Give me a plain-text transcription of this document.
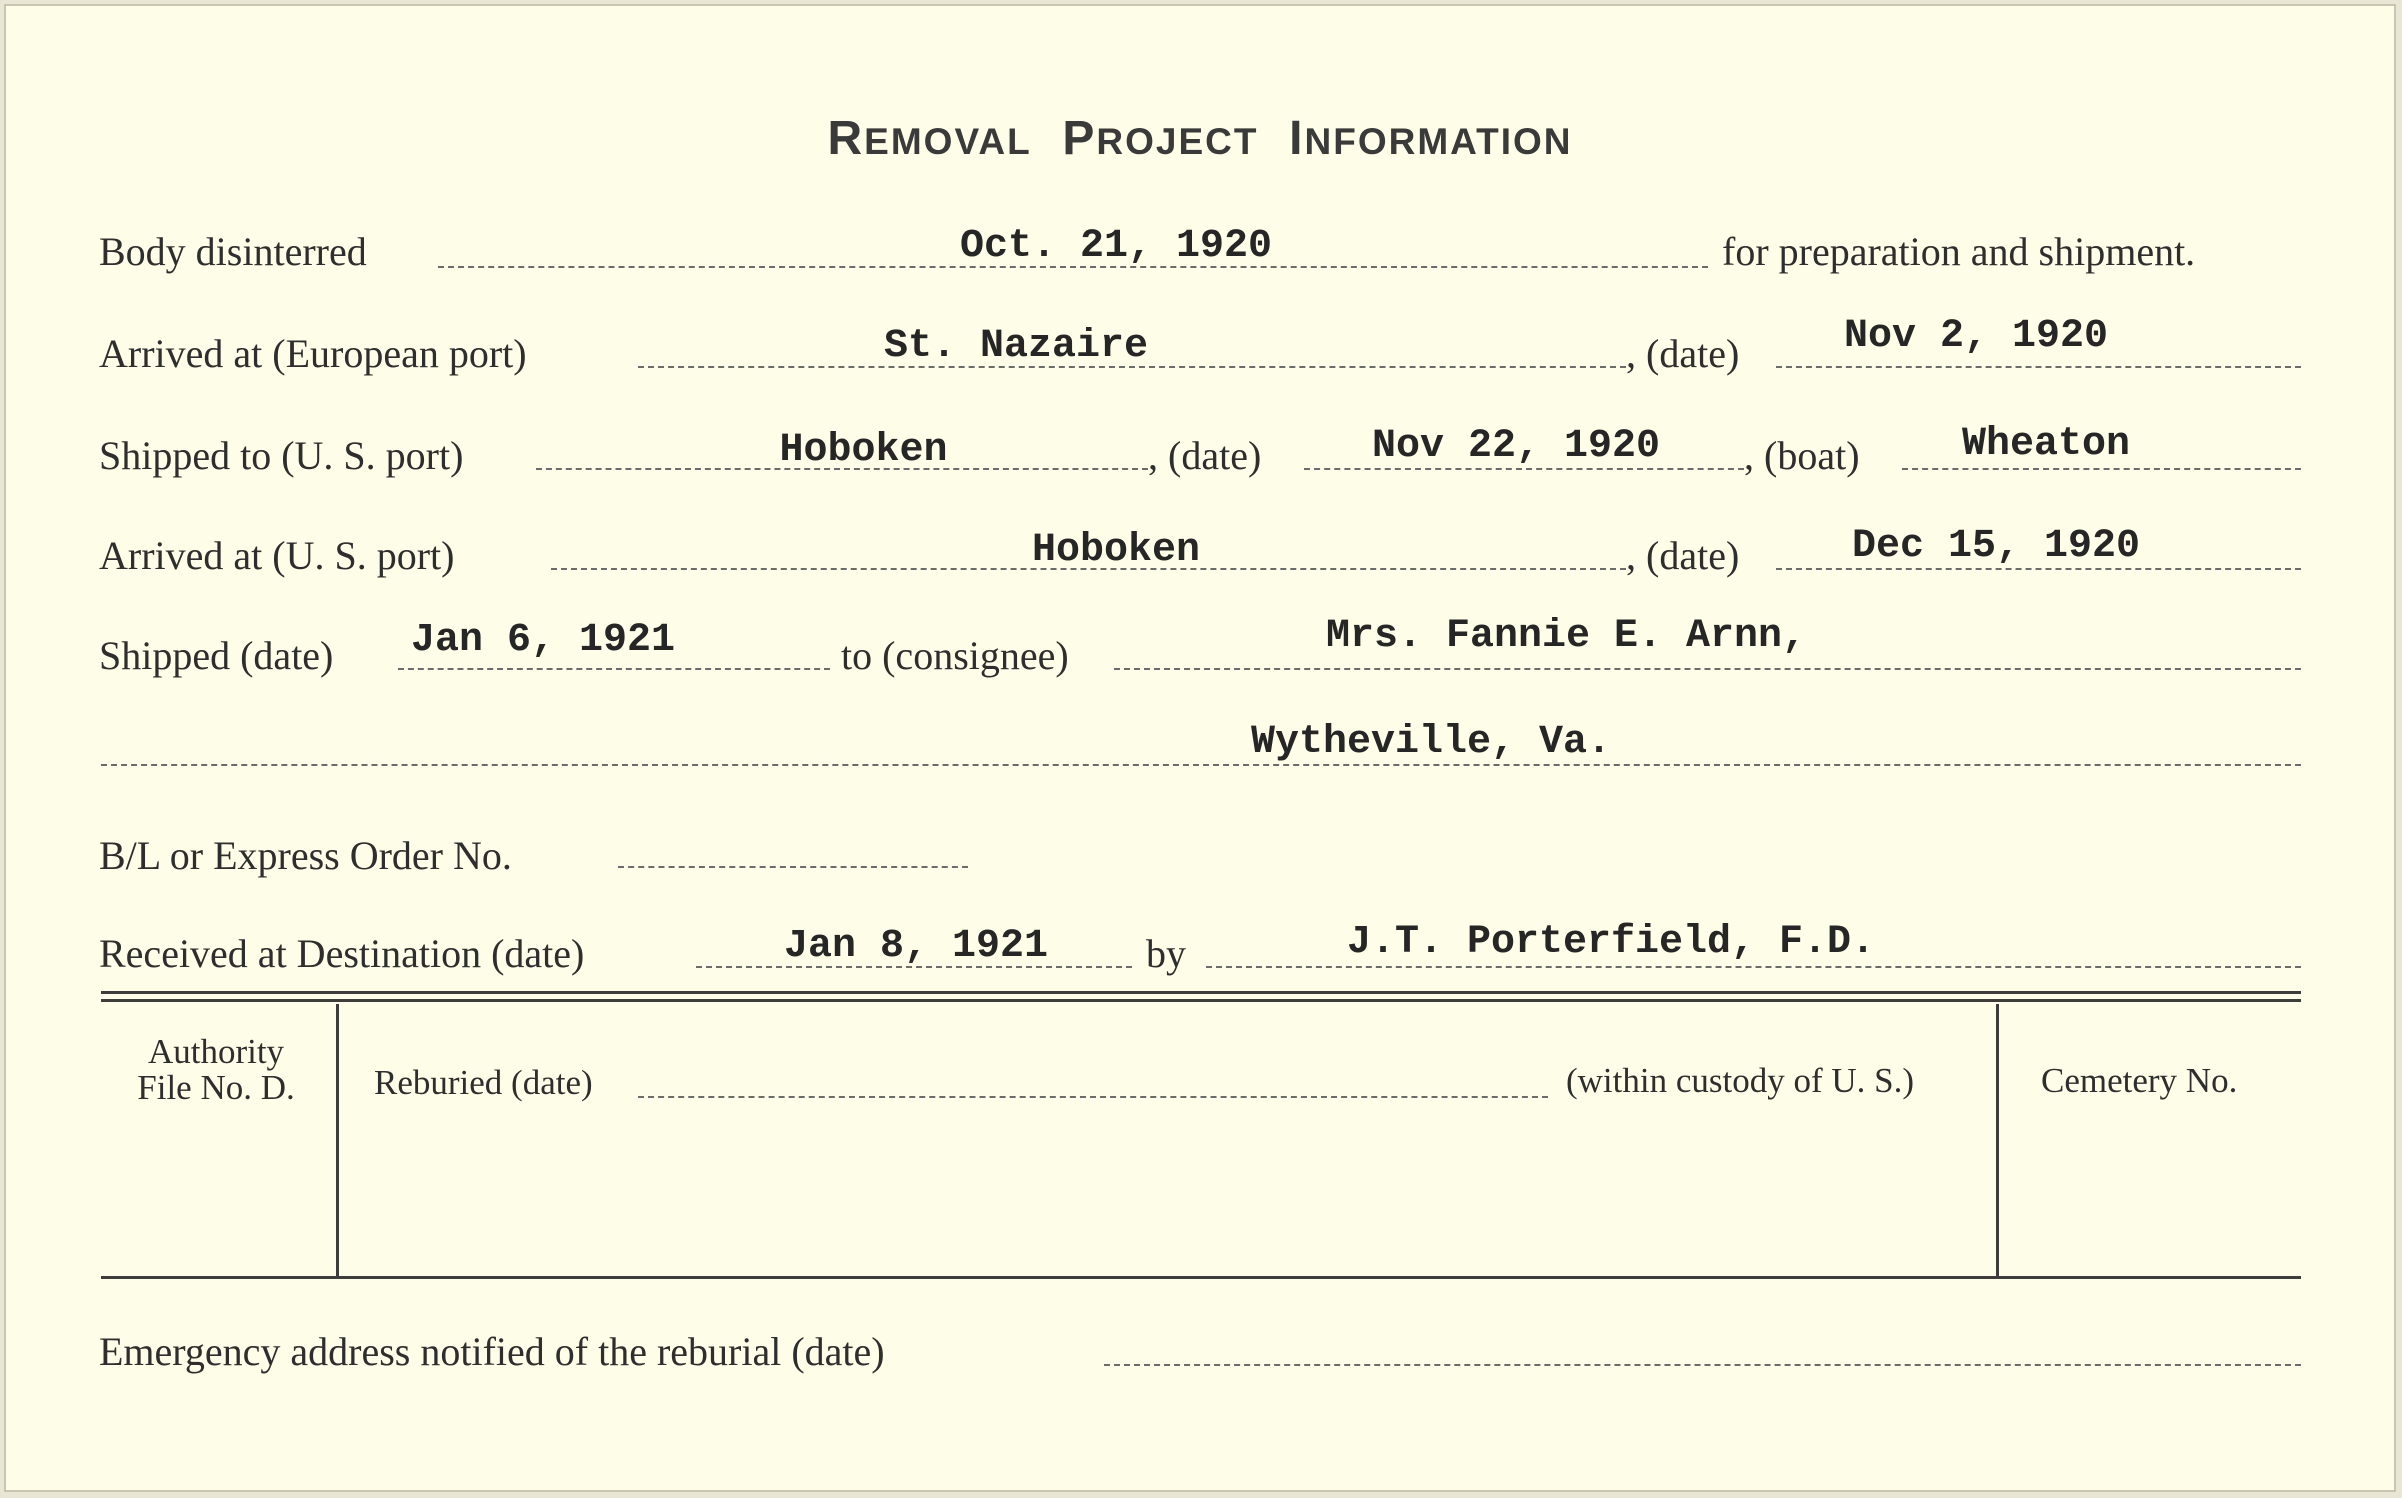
REMOVAL PROJECT INFORMATION
Body disinterred	Oct. 21, 1920	for preparation and shipment.
Arrived at (European port)	St. Nazaire	, (date)	Nov 2, 1920
Shipped to (U. S. port)	Hoboken	, (date)	Nov 22, 1920	, (boat)	Wheaton
Arrived at (U. S. port)	Hoboken	, (date)	Dec 15, 1920
Shipped (date)	Jan 6, 1921	to (consignee)	Mrs. Fannie E. Arnn,
Wytheville, Va.
B/L or Express Order No.
Received at Destination (date)	Jan 8, 1921	by	J.T. Porterfield, F.D.
Authority
File No. D.	Reburied (date)	(within custody of U. S.)	Cemetery No.
Emergency address notified of the reburial (date)
